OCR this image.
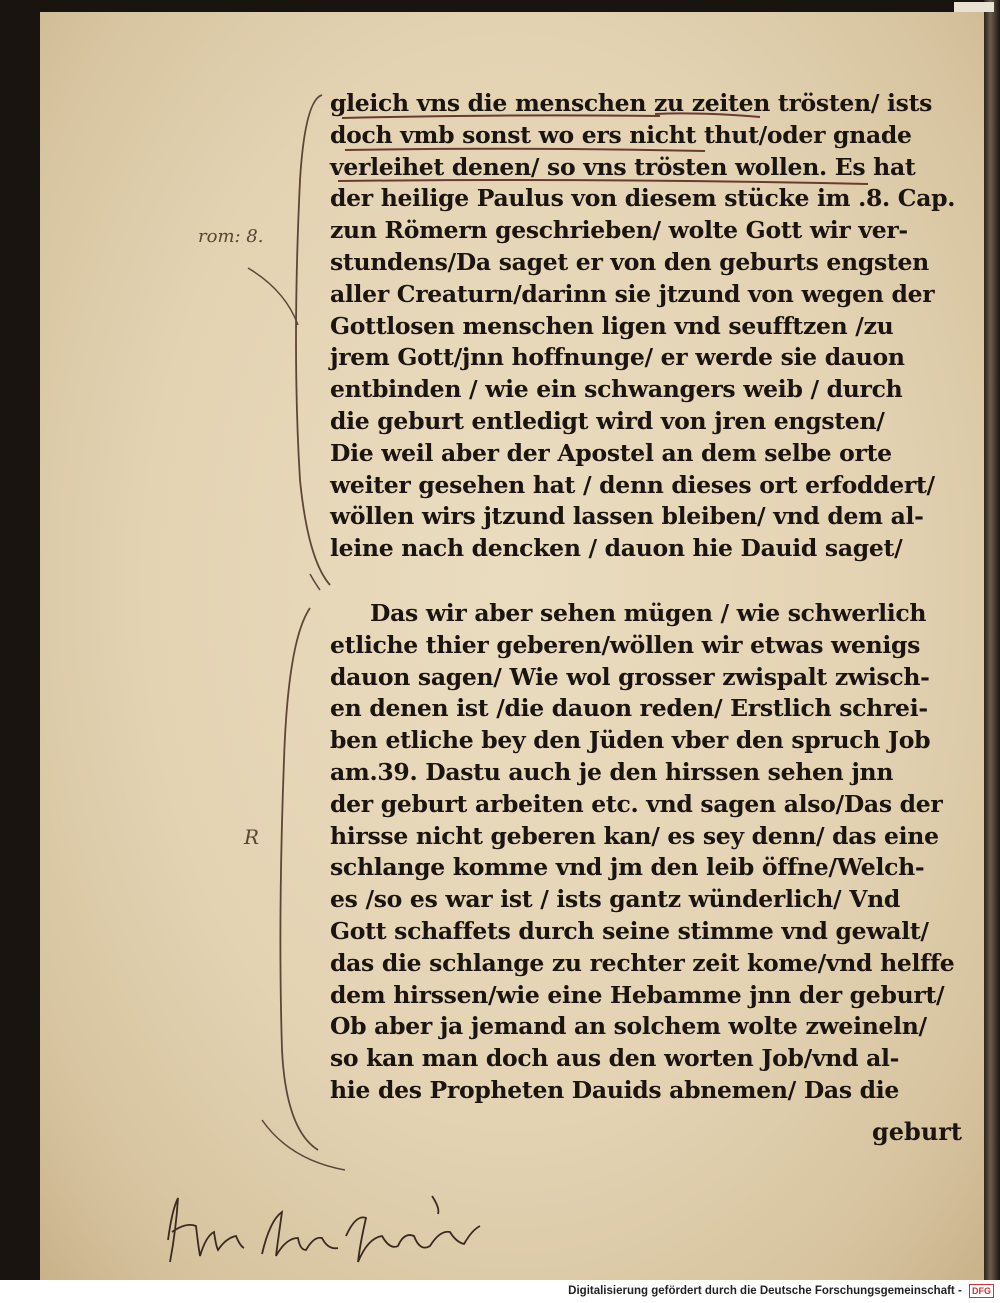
gleich vns die menschen zu zeiten trösten/ ists
doch vmb sonst wo ers nicht thut/oder gnade
verleihet denen/ so vns trösten wollen. Es hat
der heilige Paulus von diesem stücke im .8. Cap.
zun Römern geschrieben/ wolte Gott wir ver-
stundens/Da saget er von den geburts engsten
aller Creaturn/darinn sie jtzund von wegen der
Gottlosen menschen ligen vnd seufftzen /zu
jrem Gott/jnn hoffnunge/ er werde sie dauon
entbinden / wie ein schwangers weib / durch
die geburt entledigt wird von jren engsten/
Die weil aber der Apostel an dem selbe orte
weiter gesehen hat / denn dieses ort erfoddert/
wöllen wirs jtzund lassen bleiben/ vnd dem al-
leine nach dencken / dauon hie Dauid saget/
Das wir aber sehen mügen / wie schwerlich
etliche thier geberen/wöllen wir etwas wenigs
dauon sagen/ Wie wol grosser zwispalt zwisch-
en denen ist /die dauon reden/ Erstlich schrei-
ben etliche bey den Jüden vber den spruch Job
am.39. Dastu auch je den hirssen sehen jnn
der geburt arbeiten etc. vnd sagen also/Das der
hirsse nicht geberen kan/ es sey denn/ das eine
schlange komme vnd jm den leib öffne/Welch-
es /so es war ist / ists gantz wünderlich/ Vnd
Gott schaffets durch seine stimme vnd gewalt/
das die schlange zu rechter zeit kome/vnd helffe
dem hirssen/wie eine Hebamme jnn der geburt/
Ob aber ja jemand an solchem wolte zweineln/
so kan man doch aus den worten Job/vnd al-
hie des Propheten Dauids abnemen/ Das die
geburt
rom: 8.
R
Digitalisierung gefördert durch die Deutsche Forschungsgemeinschaft - DFG
